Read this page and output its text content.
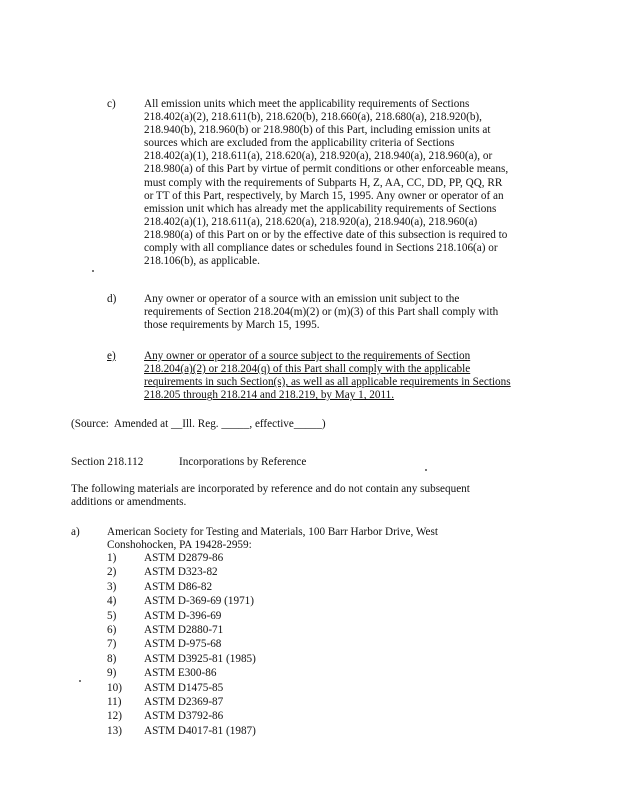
c)	All emission units which meet the applicability requirements of Sections
218.402(a)(2), 218.611(b), 218.620(b), 218.660(a), 218.680(a), 218.920(b),
218.940(b), 218.960(b) or 218.980(b) of this Part, including emission units at
sources which are excluded from the applicability criteria of Sections
218.402(a)(1), 218.611(a), 218.620(a), 218.920(a), 218.940(a), 218.960(a), or
218.980(a) of this Part by virtue of permit conditions or other enforceable means,
must comply with the requirements of Subparts H, Z, AA, CC, DD, PP, QQ, RR
or TT of this Part, respectively, by March 15, 1995. Any owner or operator of an
emission unit which has already met the applicability requirements of Sections
218.402(a)(1), 218.611(a), 218.620(a), 218.920(a), 218.940(a), 218.960(a)
218.980(a) of this Part on or by the effective date of this subsection is required to
comply with all compliance dates or schedules found in Sections 218.106(a) or
218.106(b), as applicable.
d) Any owner or operator of a source with an emission unit subject to the
requirements of Section 218.204(m)(2) or (m)(3) of this Part shall comply with
those requirements by March 15, 1995.
e)	Any owner or operator of a source subject to the requirements of Section
218.204(a)(2) or 218.204(q) of this Part shall comply with the applicable
requirements in such Section(s), as well as all applicable requirements in Sections
218.205 through 218.214 and 218.219, by May 1, 2011.
(Source:  Amended at __Ill. Reg. _____, effective_____)
Section 218.112	Incorporations by Reference
The following materials are incorporated by reference and do not contain any subsequent
additions or amendments.
a) American Society for Testing and Materials, 100 Barr Harbor Drive, West
Conshohocken, PA 19428-2959:
1)	ASTM D2879-86
2)	ASTM D323-82
3)	ASTM D86-82
4)	ASTM D-369-69 (1971)
5)	ASTM D-396-69
6)	ASTM D2880-71
7)	ASTM D-975-68
8)	ASTM D3925-81 (1985)
9)	ASTM E300-86
10)	ASTM D1475-85
11)	ASTM D2369-87
12)	ASTM D3792-86
13)	ASTM D4017-81 (1987)
